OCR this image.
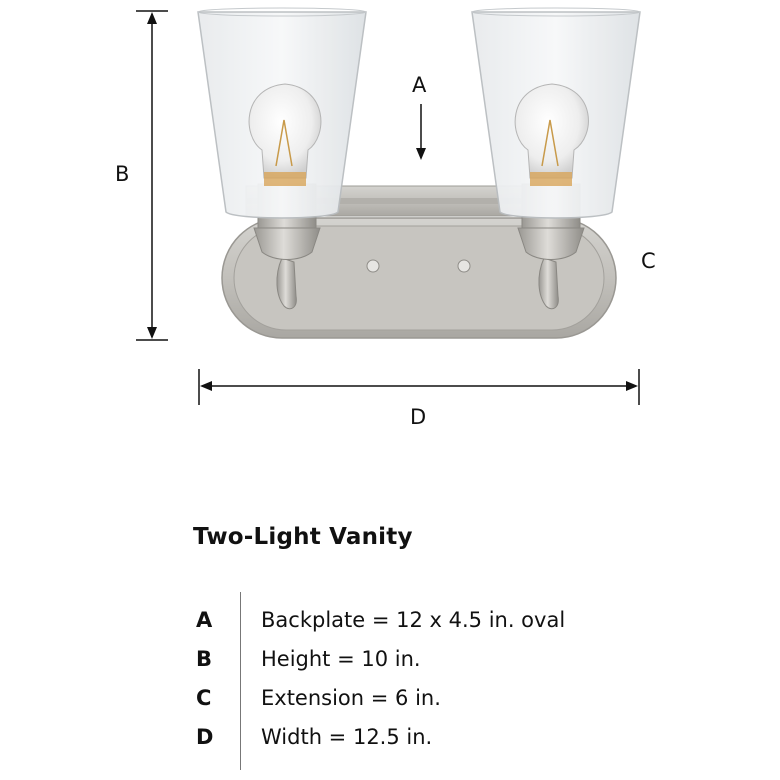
A
B
C
D
Two-Light Vanity
A Backplate = 12 x 4.5 in. oval
B Height = 10 in.
C Extension = 6 in.
D Width = 12.5 in.
